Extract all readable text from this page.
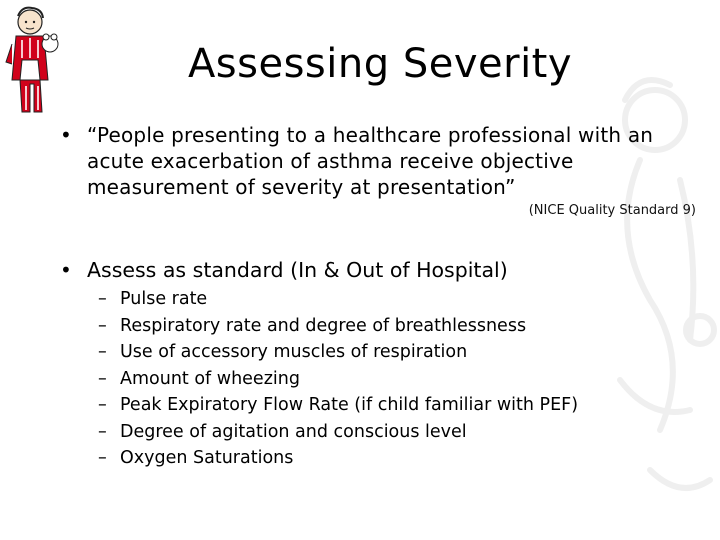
Assessing Severity
• “People presenting to a healthcare professional with an acute exacerbation of asthma receive objective measurement of severity at presentation”
(NICE Quality Standard 9)
• Assess as standard (In & Out of Hospital)
– Pulse rate
– Respiratory rate and degree of breathlessness
– Use of accessory muscles of respiration
– Amount of wheezing
– Peak Expiratory Flow Rate (if child familiar with PEF)
– Degree of agitation and conscious level
– Oxygen Saturations
